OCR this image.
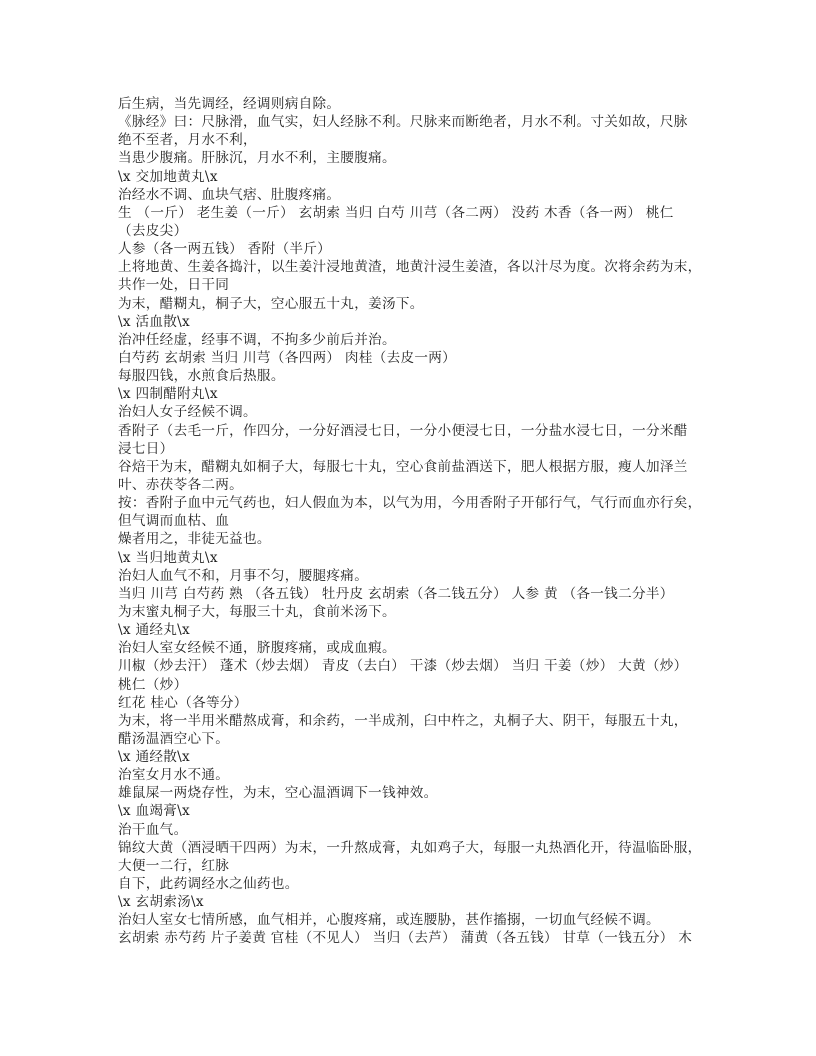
后生病，当先调经，经调则病自除。
《脉经》曰：尺脉滑，血气实，妇人经脉不利。尺脉来而断绝者，月水不利。寸关如故，尺脉
绝不至者，月水不利，
当患少腹痛。肝脉沉，月水不利，主腰腹痛。
\x 交加地黄丸\x
治经水不调、血块气痞、肚腹疼痛。
生 （一斤） 老生姜（一斤） 玄胡索 当归 白芍 川芎（各二两） 没药 木香（各一两） 桃仁
（去皮尖）
人参（各一两五钱） 香附（半斤）
上将地黄、生姜各捣汁，以生姜汁浸地黄渣，地黄汁浸生姜渣，各以汁尽为度。次将余药为末，
共作一处，日干同
为末，醋糊丸，桐子大，空心服五十丸，姜汤下。
\x 活血散\x
治冲任经虚，经事不调，不拘多少前后并治。
白芍药 玄胡索 当归 川芎（各四两） 肉桂（去皮一两）
每服四钱，水煎食后热服。
\x 四制醋附丸\x
治妇人女子经候不调。
香附子（去毛一斤，作四分，一分好酒浸七日，一分小便浸七日，一分盐水浸七日，一分米醋
浸七日）
谷焙干为末，醋糊丸如桐子大，每服七十丸，空心食前盐酒送下，肥人根据方服，瘦人加泽兰
叶、赤茯苓各二两。
按：香附子血中元气药也，妇人假血为本，以气为用，今用香附子开郁行气，气行而血亦行矣，
但气调而血枯、血
燥者用之，非徒无益也。
\x 当归地黄丸\x
治妇人血气不和，月事不匀，腰腿疼痛。
当归 川芎 白芍药 熟 （各五钱） 牡丹皮 玄胡索（各二钱五分） 人参 黄 （各一钱二分半）
为末蜜丸桐子大，每服三十丸，食前米汤下。
\x 通经丸\x
治妇人室女经候不通，脐腹疼痛，或成血瘕。
川椒（炒去汗） 蓬术（炒去烟） 青皮（去白） 干漆（炒去烟） 当归 干姜（炒） 大黄（炒）
桃仁（炒）
红花 桂心（各等分）
为末，将一半用米醋熬成膏，和余药，一半成剂，臼中杵之，丸桐子大、阴干，每服五十丸，
醋汤温酒空心下。
\x 通经散\x
治室女月水不通。
雄鼠屎一两烧存性，为末，空心温酒调下一钱神效。
\x 血竭膏\x
治干血气。
锦纹大黄（酒浸晒干四两）为末，一升熬成膏，丸如鸡子大，每服一丸热酒化开，待温临卧服，
大便一二行，红脉
自下，此药调经水之仙药也。
\x 玄胡索汤\x
治妇人室女七情所感，血气相并，心腹疼痛，或连腰胁，甚作搐搦，一切血气经候不调。
玄胡索 赤芍药 片子姜黄 官桂（不见人） 当归（去芦） 蒲黄（各五钱） 甘草（一钱五分） 木
